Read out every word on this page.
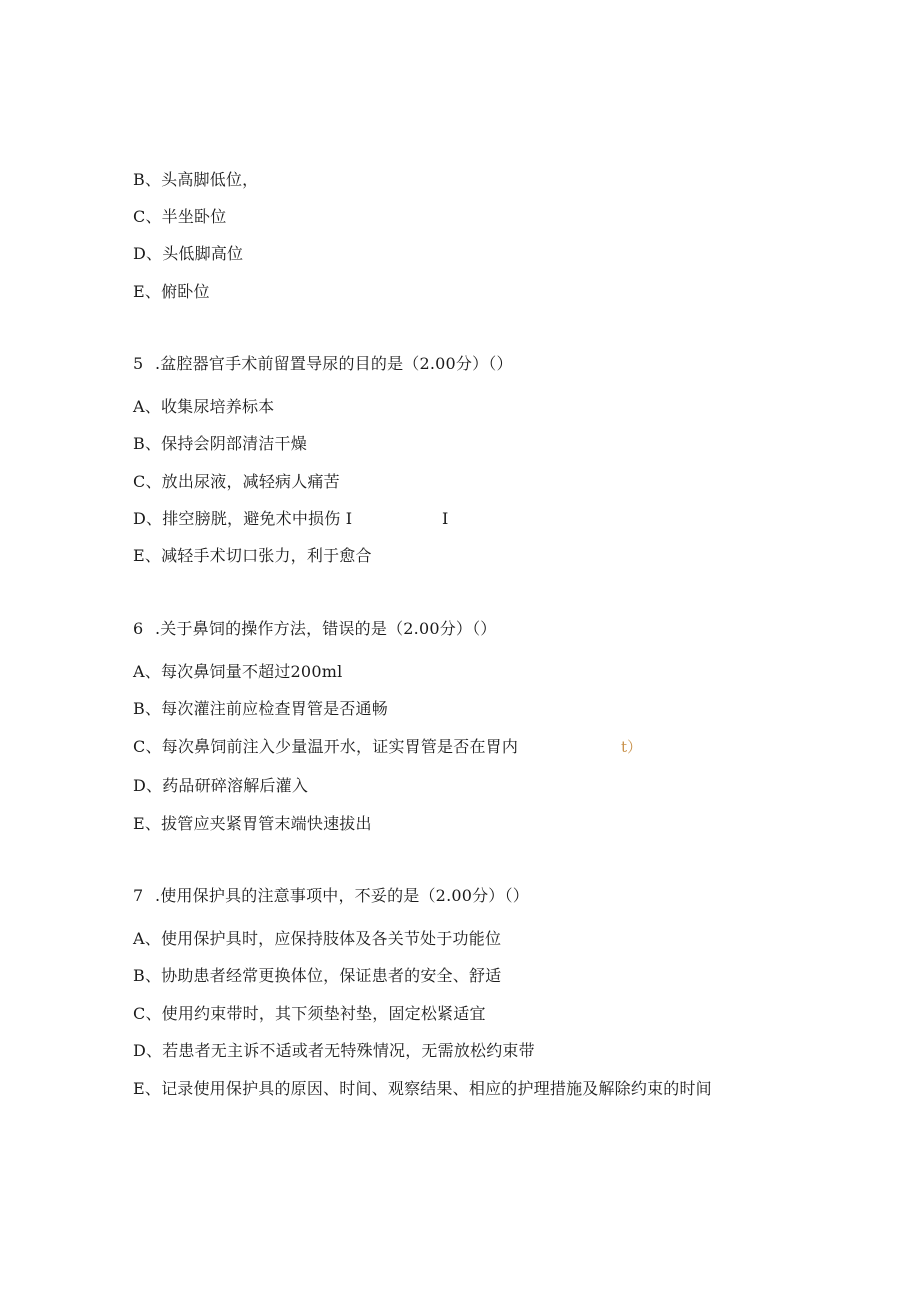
B、头高脚低位，
C、半坐卧位
D、头低脚高位
E、俯卧位
5 .盆腔器官手术前留置导尿的目的是（2.00分）（）
A、收集尿培养标本
B、保持会阴部清洁干燥
C、放出尿液，减轻病人痛苦
D、排空膀胱，避免术中损伤 I	I
E、减轻手术切口张力，利于愈合
6 .关于鼻饲的操作方法，错误的是（2.00分）（）
A、每次鼻饲量不超过200ml
B、每次灌注前应检查胃管是否通畅
C、每次鼻饲前注入少量温开水，证实胃管是否在胃内	t）
D、药品研碎溶解后灌入
E、拔管应夹紧胃管末端快速拔出
7 .使用保护具的注意事项中，不妥的是（2.00分）（）
A、使用保护具时，应保持肢体及各关节处于功能位
B、协助患者经常更换体位，保证患者的安全、舒适
C、使用约束带时，其下须垫衬垫，固定松紧适宜
D、若患者无主诉不适或者无特殊情况，无需放松约束带
E、记录使用保护具的原因、时间、观察结果、相应的护理措施及解除约束的时间
